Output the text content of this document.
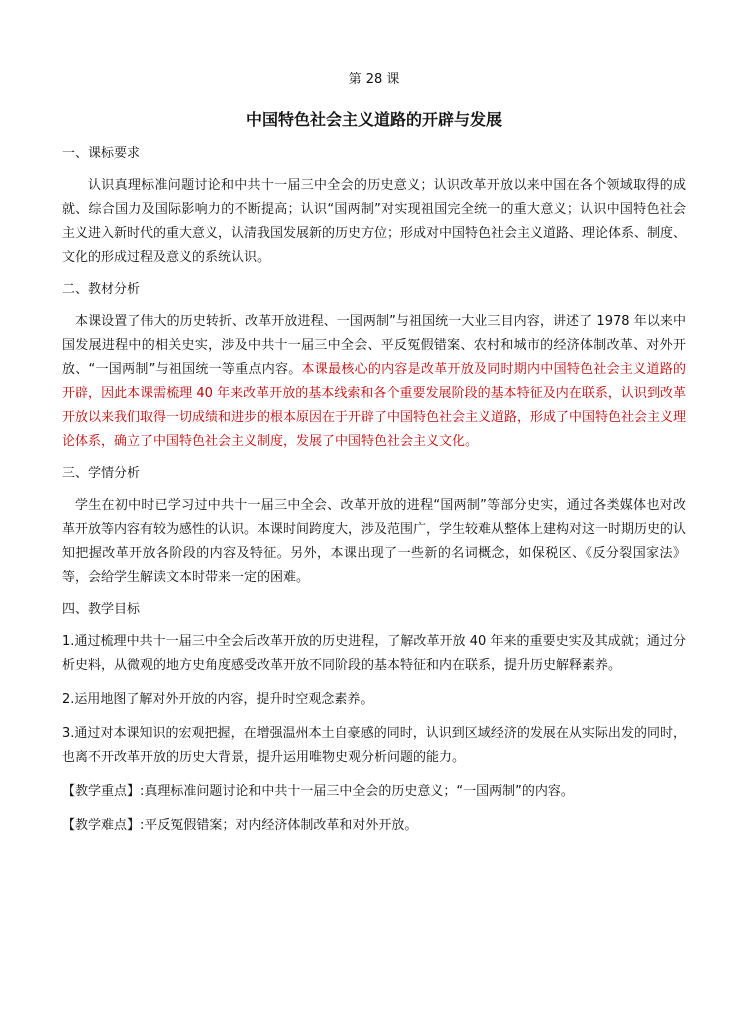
第 28 课
中国特色社会主义道路的开辟与发展
一、课标要求

认识真理标准问题讨论和中共十一届三中全会的历史意义；认识改革开放以来中国在各个领域取得的成就、综合国力及国际影响力的不断提高；认识“国两制”对实现祖国完全统一的重大意义；认识中国特色社会主义进入新时代的重大意义，认清我国发展新的历史方位；形成对中国特色社会主义道路、理论体系、制度、文化的形成过程及意义的系统认识。

二、教材分析

本课设置了伟大的历史转折、改革开放进程、一国两制”与祖国统一大业三目内容，讲述了 1978 年以来中国发展进程中的相关史实，涉及中共十一届三中全会、平反冤假错案、农村和城市的经济体制改革、对外开放、“一国两制”与祖国统一等重点内容。本课最核心的内容是改革开放及同时期内中国特色社会主义道路的开辟，因此本课需梳理 40 年来改革开放的基本线索和各个重要发展阶段的基本特征及内在联系，认识到改革开放以来我们取得一切成绩和进步的根本原因在于开辟了中国特色社会主义道路，形成了中国特色社会主义理论体系，确立了中国特色社会主义制度，发展了中国特色社会主义文化。

三、学情分析

学生在初中时已学习过中共十一届三中全会、改革开放的进程“国两制”等部分史实，通过各类媒体也对改革开放等内容有较为感性的认识。本课时间跨度大，涉及范围广，学生较难从整体上建构对这一时期历史的认知把握改革开放各阶段的内容及特征。另外，本课出现了一些新的名词概念，如保税区、《反分裂国家法》等，会给学生解读文本时带来一定的困难。

四、教学目标

1.通过梳理中共十一届三中全会后改革开放的历史进程，了解改革开放 40 年来的重要史实及其成就；通过分析史料，从微观的地方史角度感受改革开放不同阶段的基本特征和内在联系，提升历史解释素养。

2.运用地图了解对外开放的内容，提升时空观念素养。

3.通过对本课知识的宏观把握，在增强温州本土自豪感的同时，认识到区域经济的发展在从实际出发的同时，也离不开改革开放的历史大背景，提升运用唯物史观分析问题的能力。

【教学重点】:真理标准问题讨论和中共十一届三中全会的历史意义；“一国两制”的内容。

【教学难点】:平反冤假错案；对内经济体制改革和对外开放。
